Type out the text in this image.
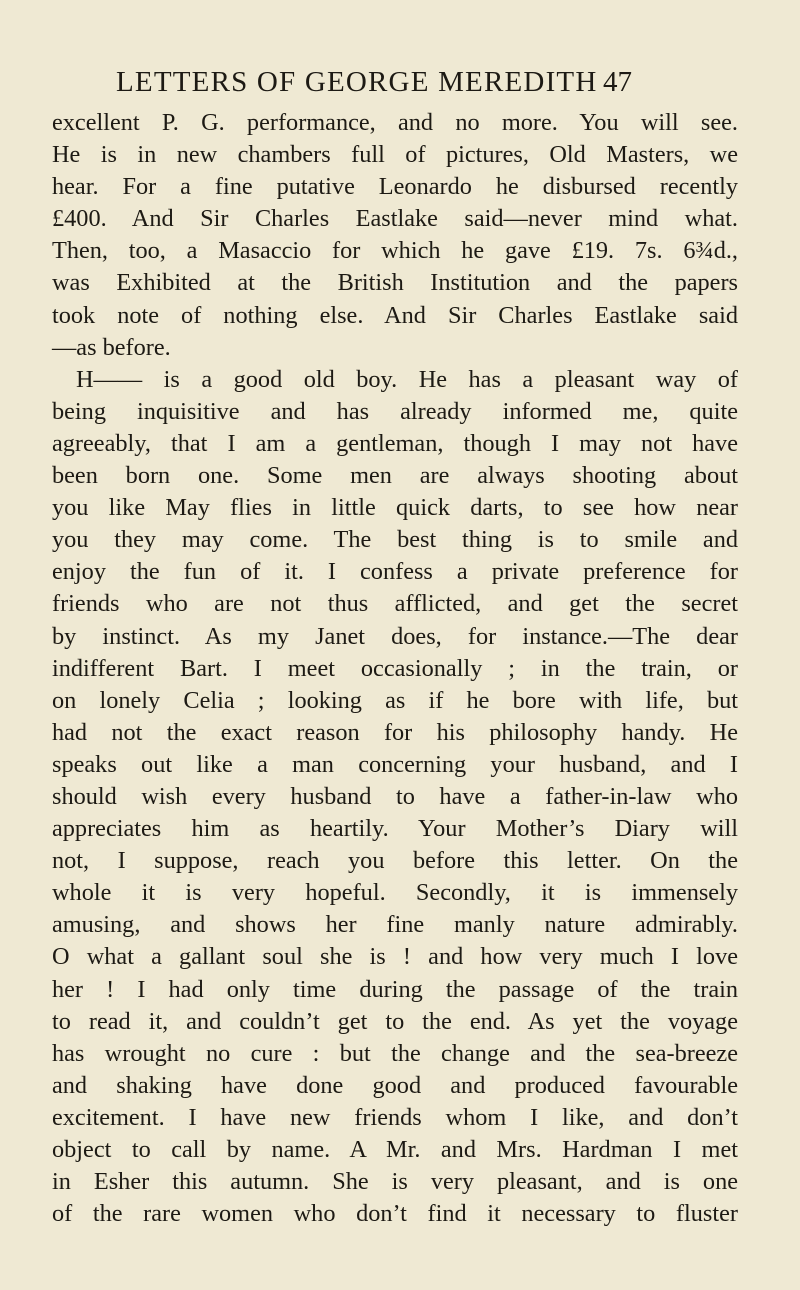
LETTERS OF GEORGE MEREDITH 47
excellent P. G. performance, and no more. You will see.
He is in new chambers full of pictures, Old Masters, we
hear. For a fine putative Leonardo he disbursed recently
£400. And Sir Charles Eastlake said—never mind what.
Then, too, a Masaccio for which he gave £19. 7s. 6¾d.,
was Exhibited at the British Institution and the papers
took note of nothing else. And Sir Charles Eastlake said
—as before.
H—— is a good old boy. He has a pleasant way of
being inquisitive and has already informed me, quite
agreeably, that I am a gentleman, though I may not have
been born one. Some men are always shooting about
you like May flies in little quick darts, to see how near
you they may come. The best thing is to smile and
enjoy the fun of it. I confess a private preference for
friends who are not thus afflicted, and get the secret
by instinct. As my Janet does, for instance.—The dear
indifferent Bart. I meet occasionally ; in the train, or
on lonely Celia ; looking as if he bore with life, but
had not the exact reason for his philosophy handy. He
speaks out like a man concerning your husband, and I
should wish every husband to have a father-in-law who
appreciates him as heartily. Your Mother’s Diary will
not, I suppose, reach you before this letter. On the
whole it is very hopeful. Secondly, it is immensely
amusing, and shows her fine manly nature admirably.
O what a gallant soul she is ! and how very much I love
her ! I had only time during the passage of the train
to read it, and couldn’t get to the end. As yet the voyage
has wrought no cure : but the change and the sea-breeze
and shaking have done good and produced favourable
excitement. I have new friends whom I like, and don’t
object to call by name. A Mr. and Mrs. Hardman I met
in Esher this autumn. She is very pleasant, and is one
of the rare women who don’t find it necessary to fluster
